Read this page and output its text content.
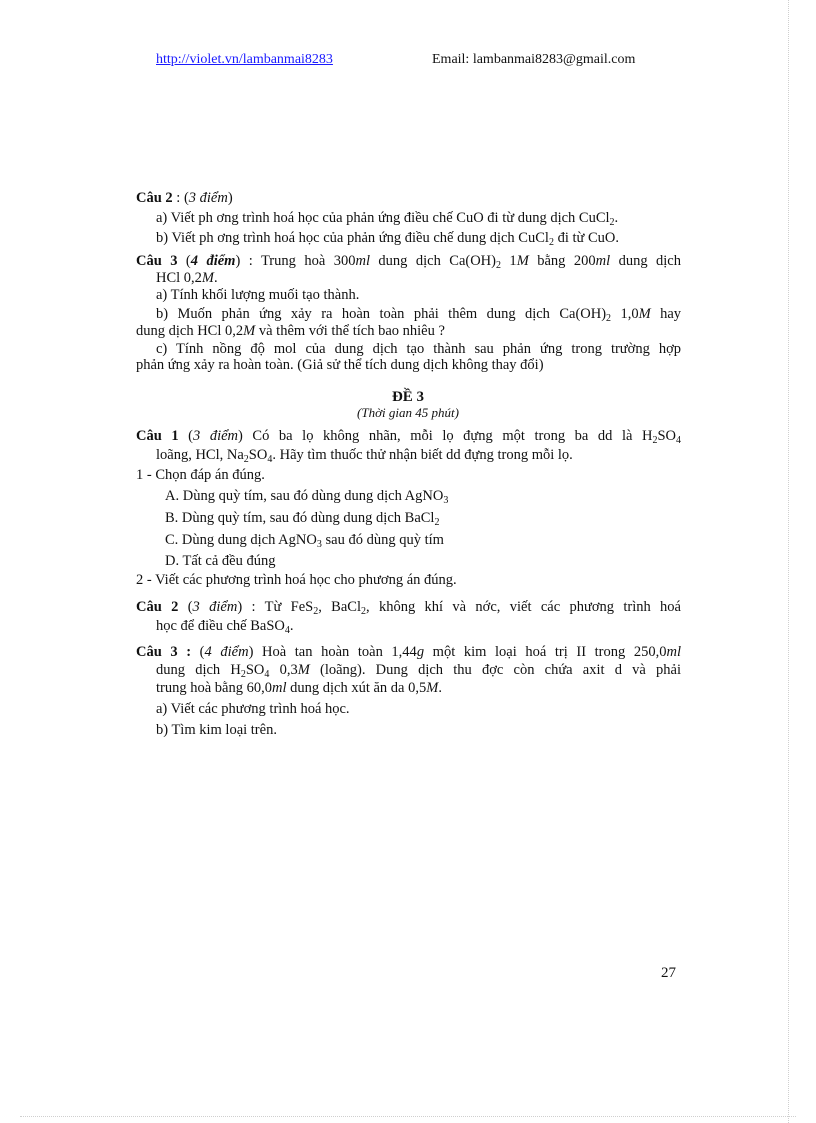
http://violet.vn/lambanmai8283	Email: lambanmai8283@gmail.com
Câu 2 : (3 điểm)
a) Viết ph ơng trình hoá học của phản ứng điều chế CuO đi từ dung dịch CuCl$_2$.
b) Viết ph ơng trình hoá học của phản ứng điều chế dung dịch CuCl$_2$ đi từ CuO.
Câu 3 (4 điểm) : Trung hoà 300ml dung dịch $Ca(OH)_2$ 1M bằng 200ml dung dịch
HCl 0,2M.
a) Tính khối lượng muối tạo thành.
b) Muốn phản ứng xảy ra hoàn toàn phải thêm dung dịch $Ca(OH)_2$ 1,0M hay
dung dịch HCl 0,2M và thêm với thể tích bao nhiêu ?
c) Tính nồng độ mol của dung dịch tạo thành sau phản ứng trong trường hợp
phản ứng xảy ra hoàn toàn. (Giả sử thể tích dung dịch không thay đổi)
ĐỀ 3
(Thời gian 45 phút)
Câu 1 (3 điểm) Có ba lọ không nhãn, mỗi lọ đựng một trong ba dd là $H_2SO_4$
loãng, HCl, $Na_2SO_4$. Hãy tìm thuốc thử nhận biết dd đựng trong mỗi lọ.
1 - Chọn đáp án đúng.
A. Dùng quỳ tím, sau đó dùng dung dịch AgNO$_3$
B. Dùng quỳ tím, sau đó dùng dung dịch BaCl$_2$
C. Dùng dung dịch AgNO$_3$ sau đó dùng quỳ tím
D. Tất cả đều đúng
2 - Viết các phương trình hoá học cho phương án đúng.
Câu 2 (3 điểm) : Từ FeS$_2$, BaCl$_2$, không khí và nớc, viết các phương trình hoá
học để điều chế BaSO$_4$.
Câu 3 : (4 điểm) Hoà tan hoàn toàn 1,44g một kim loại hoá trị II trong 250,0ml
dung dịch $H_2SO_4$ 0,3M (loãng). Dung dịch thu đợc còn chứa axit d và phải
trung hoà bằng 60,0ml dung dịch xút ăn da 0,5M.
a) Viết các phương trình hoá học.
b) Tìm kim loại trên.
27
